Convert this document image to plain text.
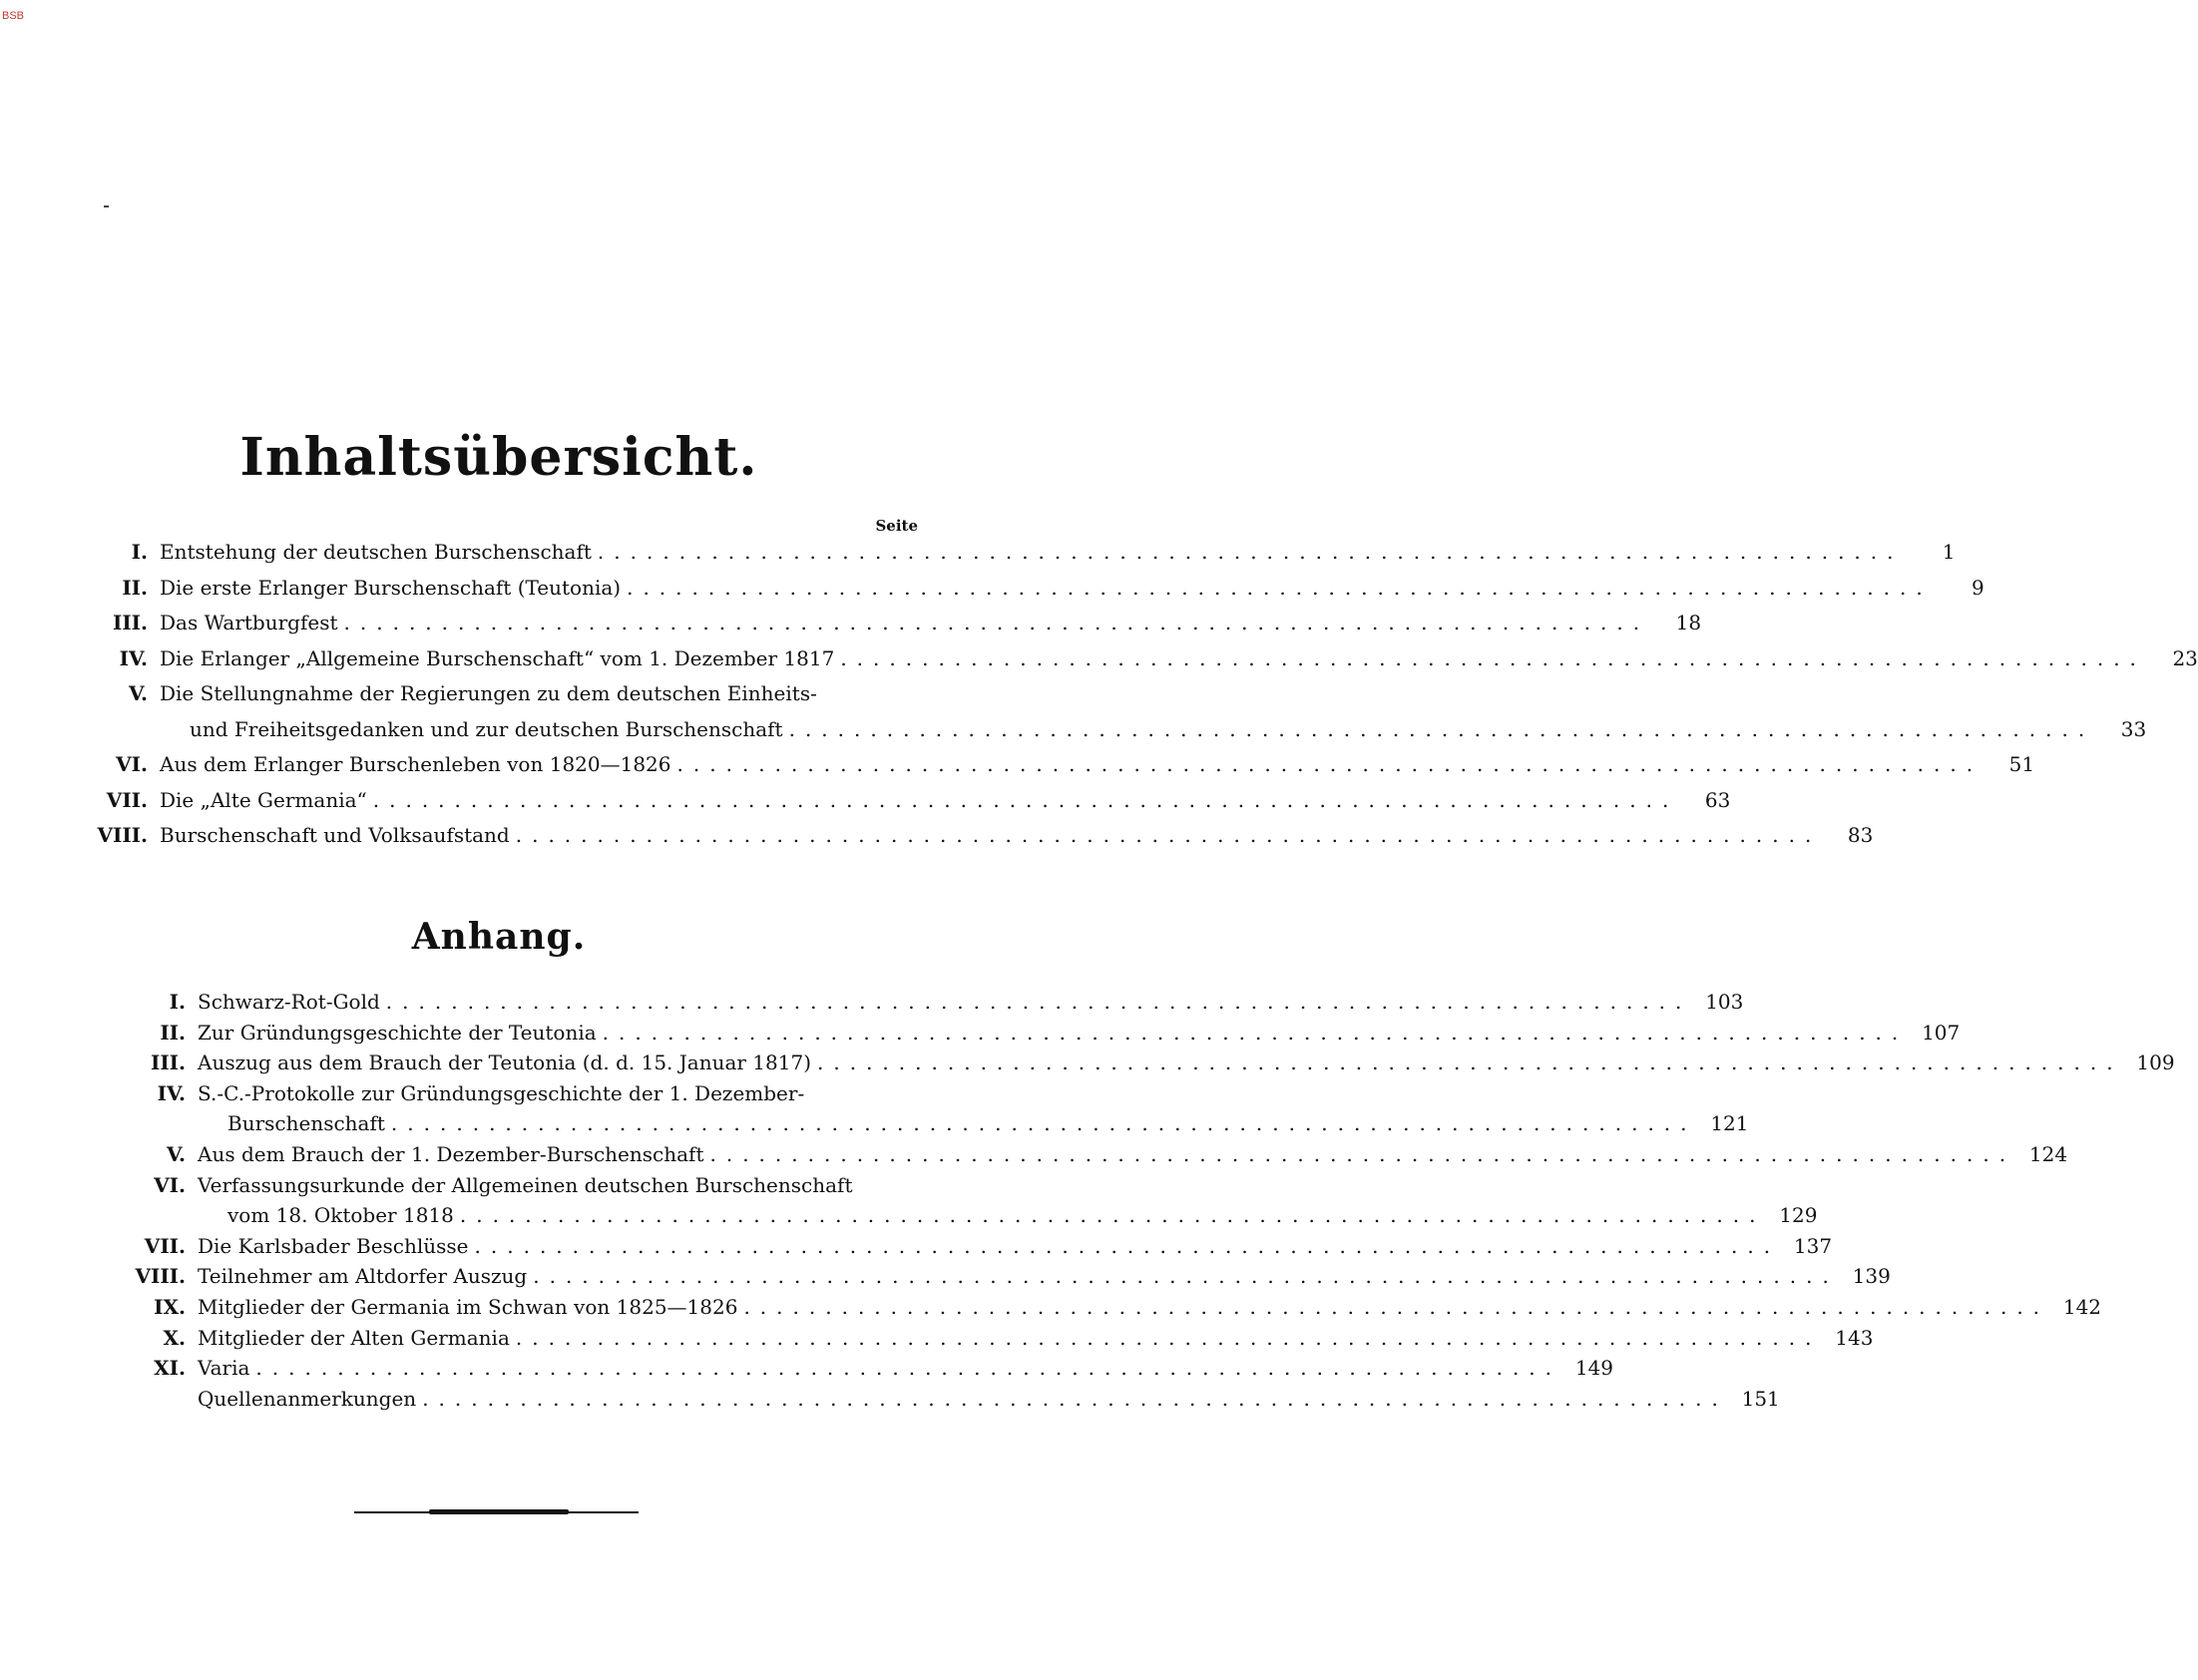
BSB
Inhaltsübersicht.
Seite
I. Entstehung der deutschen Burschenschaft ................................................................................	1
II. Die erste Erlanger Burschenschaft (Teutonia) ................................................................................	9
III. Das Wartburgfest ................................................................................	18
IV. Die Erlanger „Allgemeine Burschenschaft“ vom 1. Dezember 1817 ................................................................................	23
V. Die Stellungnahme der Regierungen zu dem deutschen Einheits-
und Freiheitsgedanken und zur deutschen Burschenschaft ................................................................................	33
VI. Aus dem Erlanger Burschenleben von 1820—1826 ................................................................................	51
VII. Die „Alte Germania“ ................................................................................	63
VIII. Burschenschaft und Volksaufstand ................................................................................	83
I. Schwarz-Rot-Gold ................................................................................ 103
II. Zur Gründungsgeschichte der Teutonia ................................................................................ 107
III. Auszug aus dem Brauch der Teutonia (d. d. 15. Januar 1817) ................................................................................ 109
IV. S.-C.-Protokolle zur Gründungsgeschichte der 1. Dezember-
Burschenschaft ................................................................................ 121
V. Aus dem Brauch der 1. Dezember-Burschenschaft ................................................................................ 124
VI. Verfassungsurkunde der Allgemeinen deutschen Burschenschaft
vom 18. Oktober 1818 ................................................................................ 129
VII. Die Karlsbader Beschlüsse ................................................................................ 137
VIII. Teilnehmer am Altdorfer Auszug ................................................................................ 139
IX. Mitglieder der Germania im Schwan von 1825—1826 ................................................................................ 142
X. Mitglieder der Alten Germania ................................................................................ 143
XI. Varia ................................................................................ 149
Quellenanmerkungen ................................................................................ 151
Anhang.
